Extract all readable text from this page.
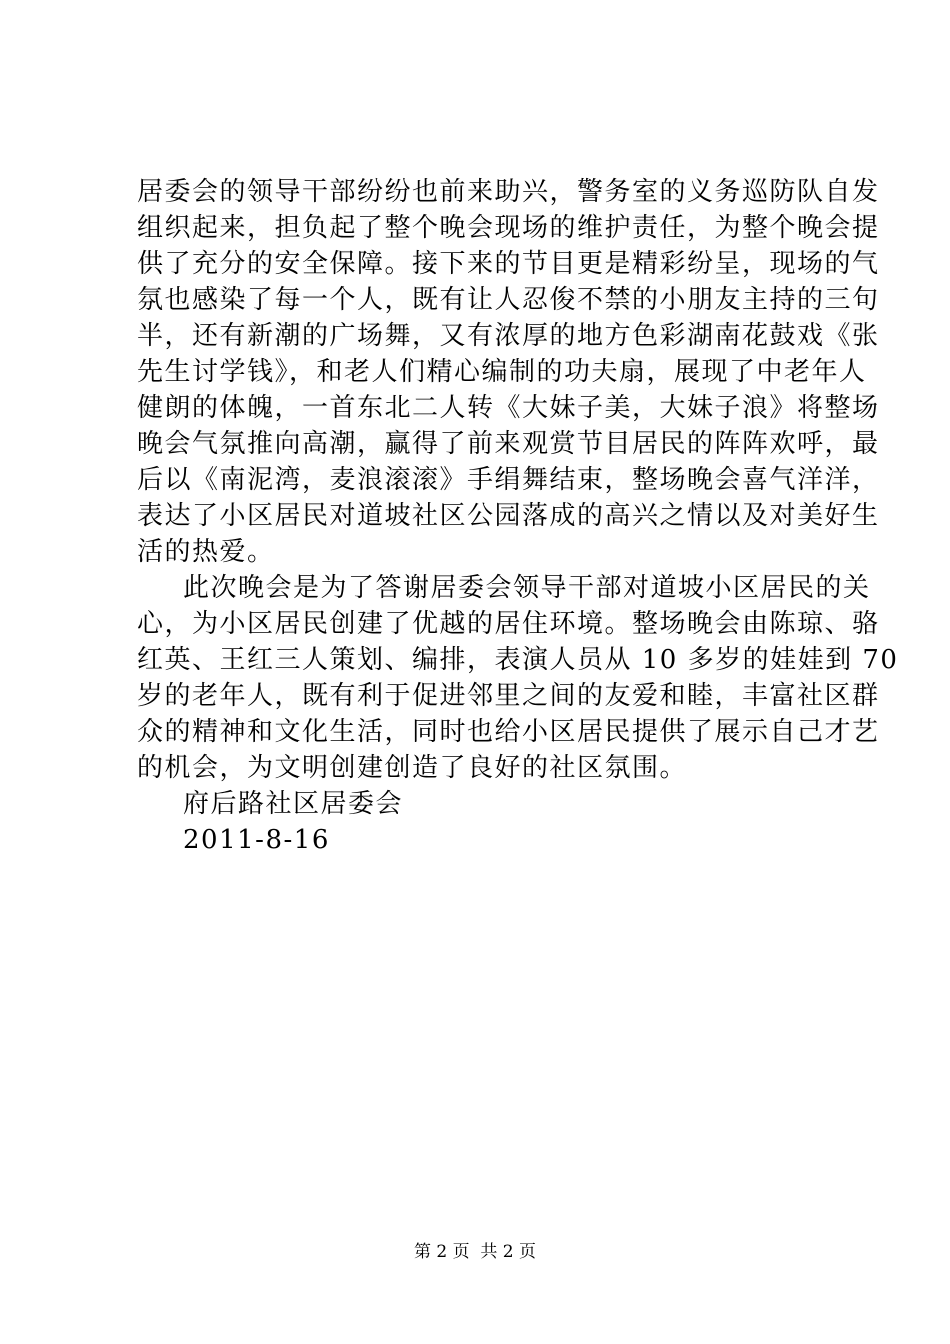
居委会的领导干部纷纷也前来助兴，警务室的义务巡防队自发
组织起来，担负起了整个晚会现场的维护责任，为整个晚会提
供了充分的安全保障。接下来的节目更是精彩纷呈，现场的气
氛也感染了每一个人，既有让人忍俊不禁的小朋友主持的三句
半，还有新潮的广场舞，又有浓厚的地方色彩湖南花鼓戏《张
先生讨学钱》，和老人们精心编制的功夫扇，展现了中老年人
健朗的体魄，一首东北二人转《大妹子美，大妹子浪》将整场
晚会气氛推向高潮，赢得了前来观赏节目居民的阵阵欢呼，最
后以《南泥湾，麦浪滚滚》手绢舞结束，整场晚会喜气洋洋，
表达了小区居民对道坡社区公园落成的高兴之情以及对美好生
活的热爱。
此次晚会是为了答谢居委会领导干部对道坡小区居民的关
心，为小区居民创建了优越的居住环境。整场晚会由陈琼、骆
红英、王红三人策划、编排，表演人员从 10 多岁的娃娃到 70
岁的老年人，既有利于促进邻里之间的友爱和睦，丰富社区群
众的精神和文化生活，同时也给小区居民提供了展示自己才艺
的机会，为文明创建创造了良好的社区氛围。
府后路社区居委会
2011-8-16
第 2 页  共 2 页
